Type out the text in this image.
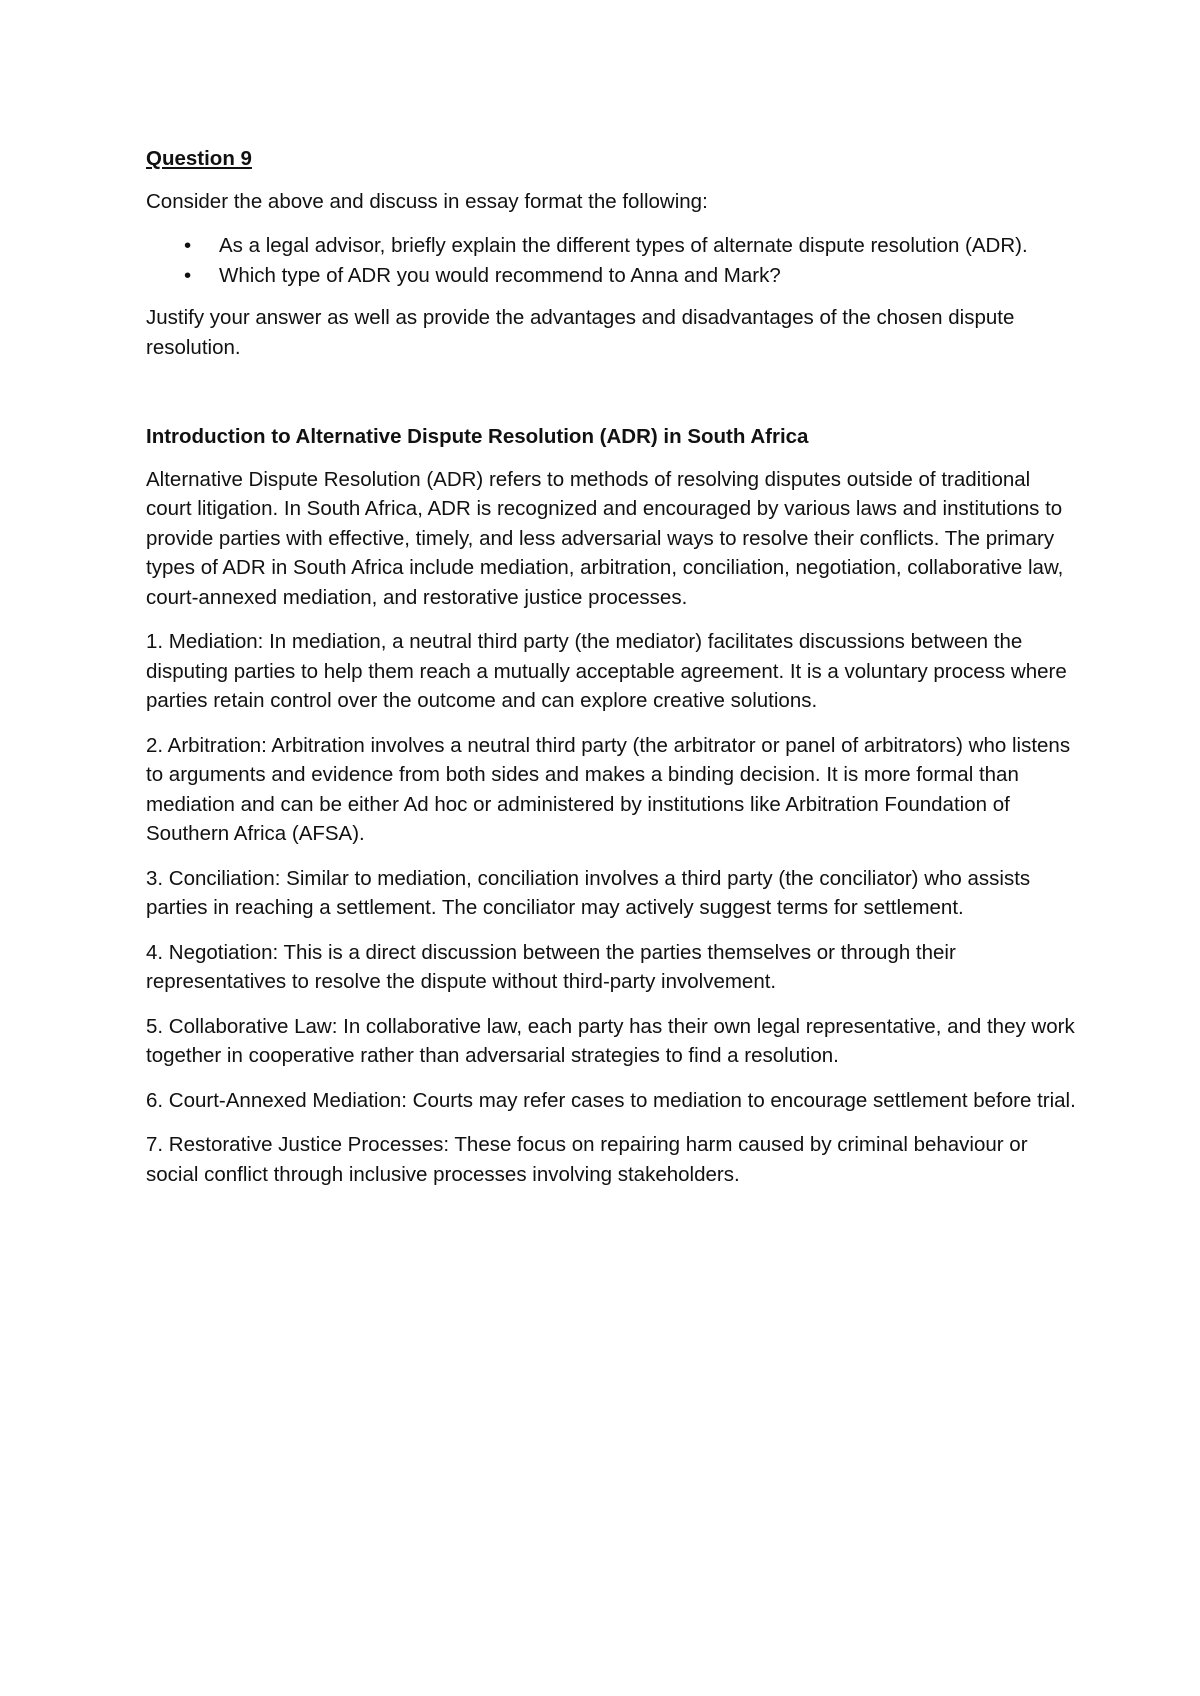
Question 9

Consider the above and discuss in essay format the following:

• As a legal advisor, briefly explain the different types of alternate dispute resolution (ADR).
• Which type of ADR you would recommend to Anna and Mark?

Justify your answer as well as provide the advantages and disadvantages of the chosen dispute resolution.

Introduction to Alternative Dispute Resolution (ADR) in South Africa

Alternative Dispute Resolution (ADR) refers to methods of resolving disputes outside of traditional court litigation. In South Africa, ADR is recognized and encouraged by various laws and institutions to provide parties with effective, timely, and less adversarial ways to resolve their conflicts. The primary types of ADR in South Africa include mediation, arbitration, conciliation, negotiation, collaborative law, court-annexed mediation, and restorative justice processes.

1. Mediation: In mediation, a neutral third party (the mediator) facilitates discussions between the disputing parties to help them reach a mutually acceptable agreement. It is a voluntary process where parties retain control over the outcome and can explore creative solutions.

2. Arbitration: Arbitration involves a neutral third party (the arbitrator or panel of arbitrators) who listens to arguments and evidence from both sides and makes a binding decision. It is more formal than mediation and can be either Ad hoc or administered by institutions like Arbitration Foundation of Southern Africa (AFSA).

3. Conciliation: Similar to mediation, conciliation involves a third party (the conciliator) who assists parties in reaching a settlement. The conciliator may actively suggest terms for settlement.

4. Negotiation: This is a direct discussion between the parties themselves or through their representatives to resolve the dispute without third-party involvement.

5. Collaborative Law: In collaborative law, each party has their own legal representative, and they work together in cooperative rather than adversarial strategies to find a resolution.

6. Court-Annexed Mediation: Courts may refer cases to mediation to encourage settlement before trial.

7. Restorative Justice Processes: These focus on repairing harm caused by criminal behaviour or social conflict through inclusive processes involving stakeholders.
